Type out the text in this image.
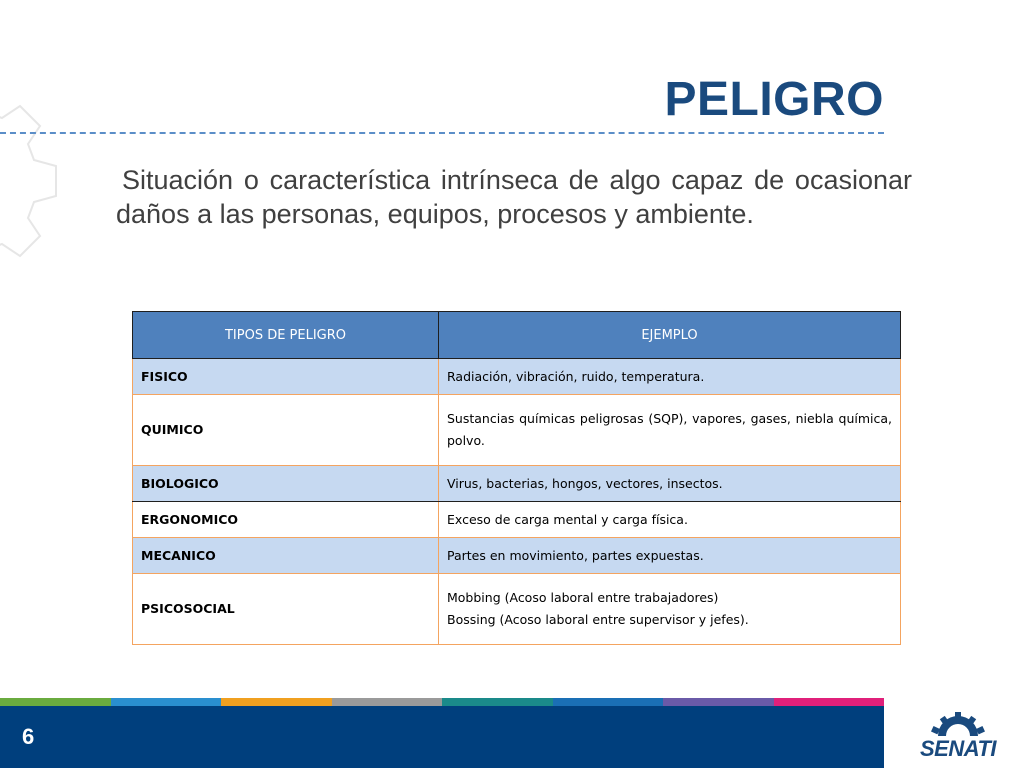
PELIGRO
Situación o característica intrínseca de algo capaz de ocasionar daños a las personas, equipos, procesos y ambiente.
TIPOS DE PELIGRO	EJEMPLO
FISICO	Radiación, vibración, ruido, temperatura.
QUIMICO	Sustancias químicas peligrosas (SQP), vapores, gases, niebla química, polvo.
BIOLOGICO	Virus, bacterias, hongos, vectores, insectos.
ERGONOMICO	Exceso de carga mental y carga física.
MECANICO	Partes en movimiento, partes expuestas.
PSICOSOCIAL	Mobbing (Acoso laboral entre trabajadores)
Bossing (Acoso laboral entre supervisor y jefes).
6	SENATI
